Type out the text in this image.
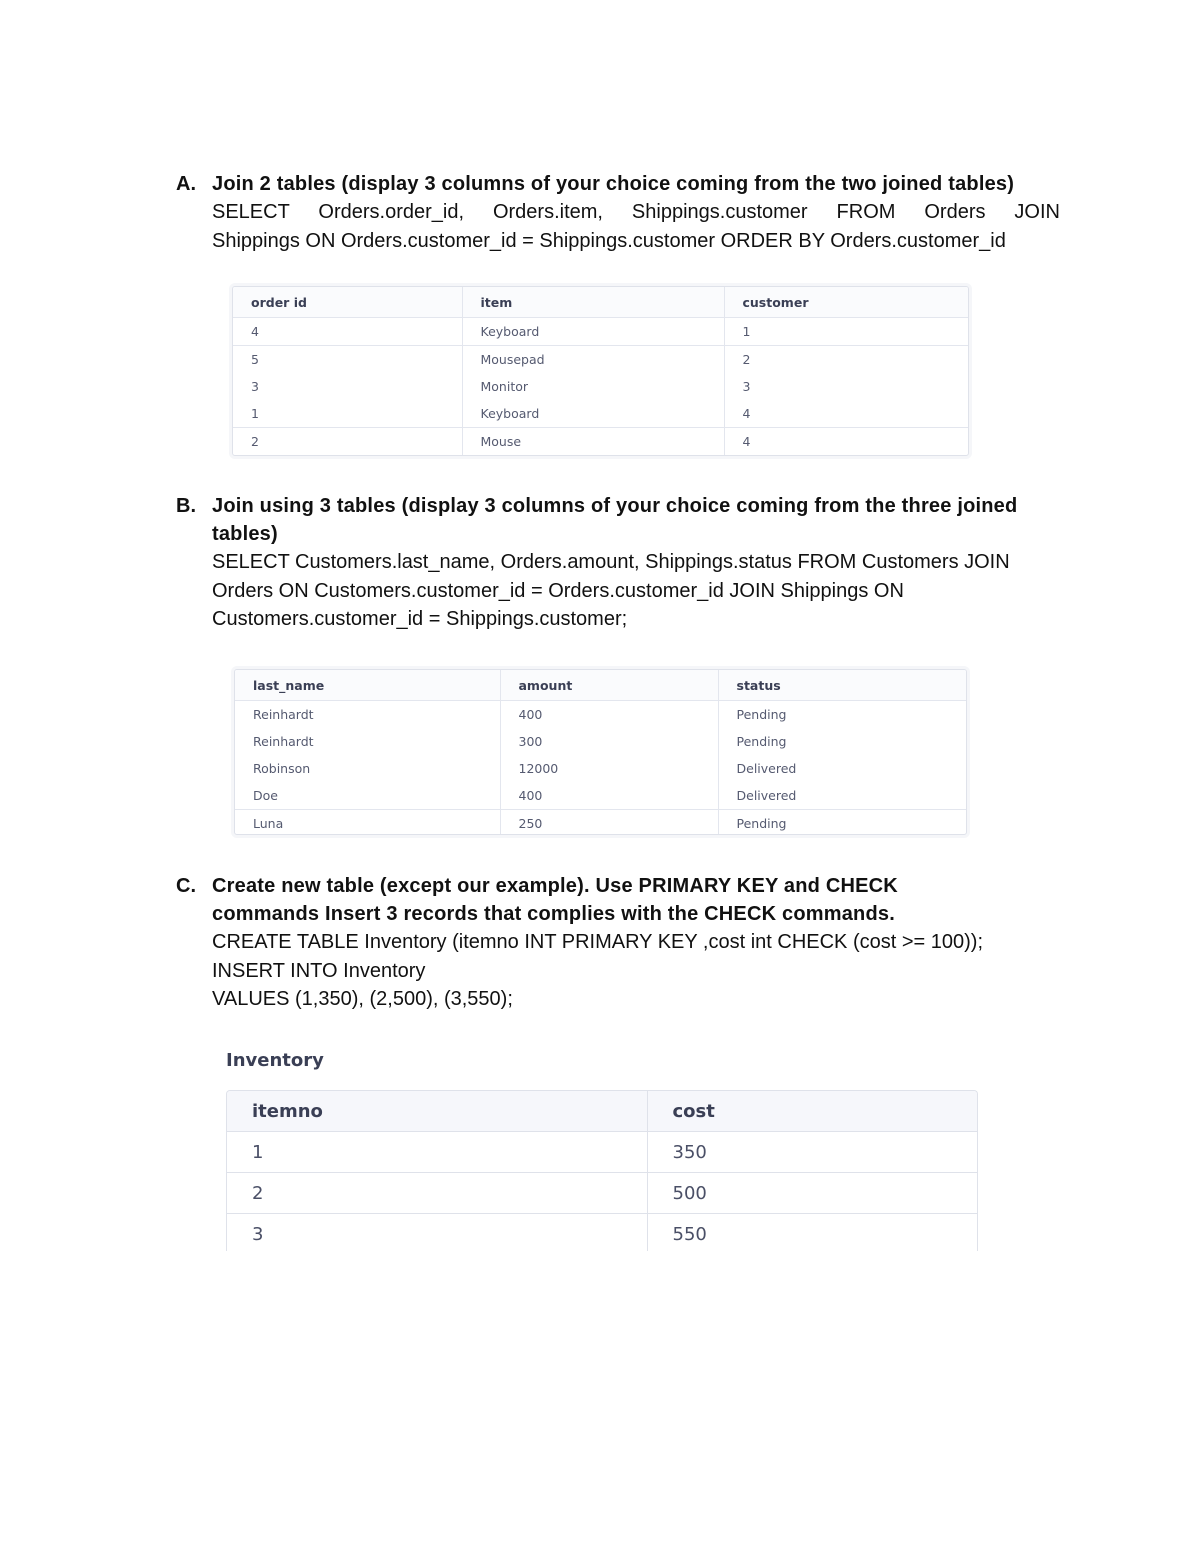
A. Join 2 tables (display 3 columns of your choice coming from the two joined tables)
SELECT Orders.order_id, Orders.item, Shippings.customer FROM Orders JOIN
Shippings ON Orders.customer_id = Shippings.customer ORDER BY Orders.customer_id
order id	item	customer
4	Keyboard	1
5	Mousepad	2
3	Monitor	3
1	Keyboard	4
2	Mouse	4
B. Join using 3 tables (display 3 columns of your choice coming from the three joined tables)
SELECT Customers.last_name, Orders.amount, Shippings.status FROM Customers JOIN Orders ON Customers.customer_id = Orders.customer_id JOIN Shippings ON Customers.customer_id = Shippings.customer;
last_name	amount	status
Reinhardt	400	Pending
Reinhardt	300	Pending
Robinson	12000	Delivered
Doe	400	Delivered
Luna	250	Pending
C. Create new table (except our example). Use PRIMARY KEY and CHECK commands Insert 3 records that complies with the CHECK commands.
CREATE TABLE Inventory (itemno INT PRIMARY KEY ,cost int CHECK (cost >= 100));
INSERT INTO Inventory
VALUES (1,350), (2,500), (3,550);
Inventory
itemno	cost
1	350
2	500
3	550
